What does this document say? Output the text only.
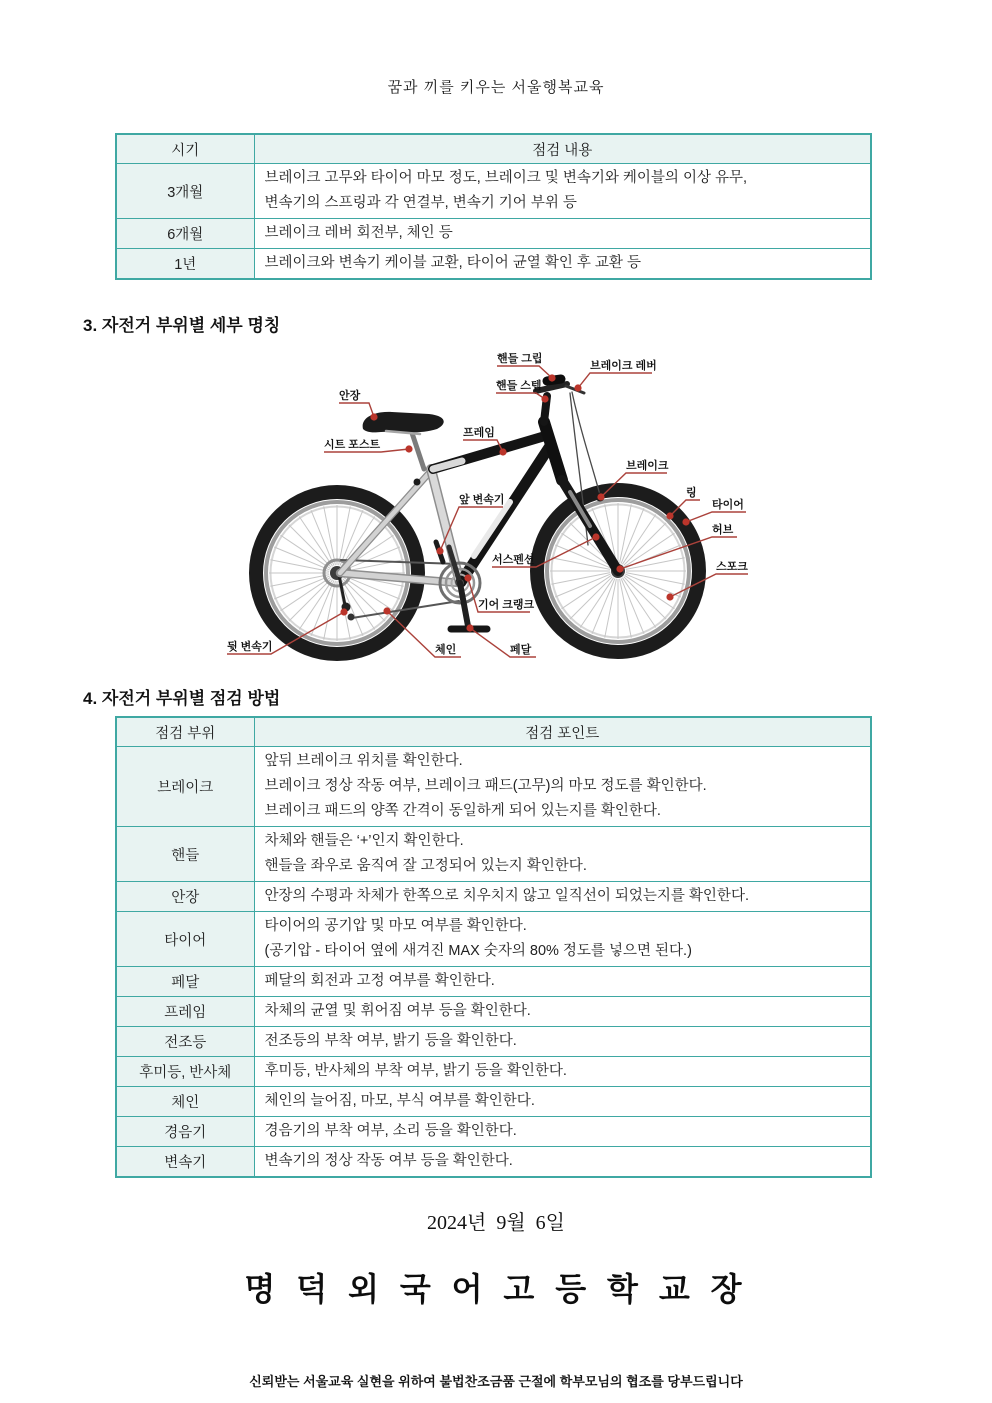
꿈과 끼를 키우는 서울행복교육
시기	점검 내용
3개월	브레이크 고무와 타이어 마모 정도, 브레이크 및 변속기와 케이블의 이상 유무,
변속기의 스프링과 각 연결부, 변속기 기어 부위 등

6개월	브레이크 레버 회전부, 체인 등

1년	브레이크와 변속기 케이블 교환, 타이어 균열 확인 후 교환 등
3. 자전거 부위별 세부 명칭
안장
시트 포스트
핸들 그립
핸들 스템
브레이크 레버
프레임
브레이크
링
타이어
허브
스포크
서스펜션
앞 변속기
기어 크랭크
체인	페달
뒷 변속기
4. 자전거 부위별 점검 방법
점검 부위	점검 포인트
브레이크	앞뒤 브레이크 위치를 확인한다.
브레이크 정상 작동 여부, 브레이크 패드(고무)의 마모 정도를 확인한다.
브레이크 패드의 양쪽 간격이 동일하게 되어 있는지를 확인한다.

핸들	차체와 핸들은 ‘+’인지 확인한다.
핸들을 좌우로 움직여 잘 고정되어 있는지 확인한다.

안장	안장의 수평과 차체가 한쪽으로 치우치지 않고 일직선이 되었는지를 확인한다.

타이어	타이어의 공기압 및 마모 여부를 확인한다.
(공기압 - 타이어 옆에 새겨진 MAX 숫자의 80% 정도를 넣으면 된다.)

페달	페달의 회전과 고정 여부를 확인한다.

프레임	차체의 균열 및 휘어짐 여부 등을 확인한다.

전조등	전조등의 부착 여부, 밝기 등을 확인한다.

후미등, 반사체	후미등, 반사체의 부착 여부, 밝기 등을 확인한다.

체인	체인의 늘어짐, 마모, 부식 여부를 확인한다.

경음기	경음기의 부착 여부, 소리 등을 확인한다.

변속기	변속기의 정상 작동 여부 등을 확인한다.
2024년  9월  6일
명 덕 외 국 어 고 등 학 교 장
신뢰받는 서울교육 실현을 위하여 불법찬조금품 근절에 학부모님의 협조를 당부드립니다
